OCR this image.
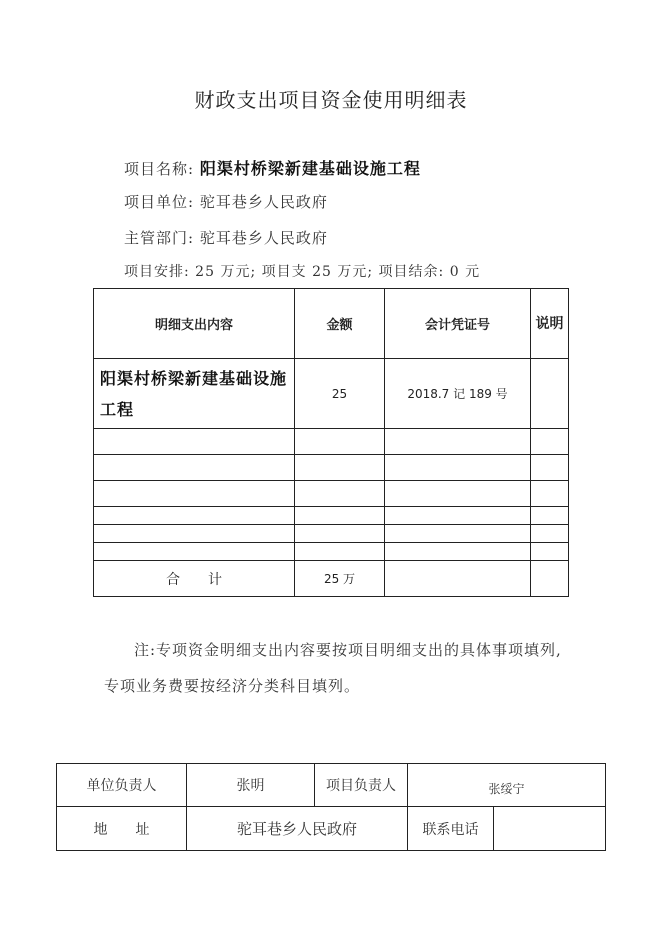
财政支出项目资金使用明细表
项目名称: 阳渠村桥梁新建基础设施工程
项目单位: 驼耳巷乡人民政府
主管部门: 驼耳巷乡人民政府
项目安排: 25 万元; 项目支 25 万元; 项目结余: 0 元
明细支出内容	金额	会计凭证号	说明
阳渠村桥梁新建基础设施工程	25	2018.7 记 189 号	

合　　计	25 万		
注:专项资金明细支出内容要按项目明细支出的具体事项填列,专项业务费要按经济分类科目填列。
单位负责人	张明	项目负责人	张绥宁	
地　　址	驼耳巷乡人民政府		联系电话	
